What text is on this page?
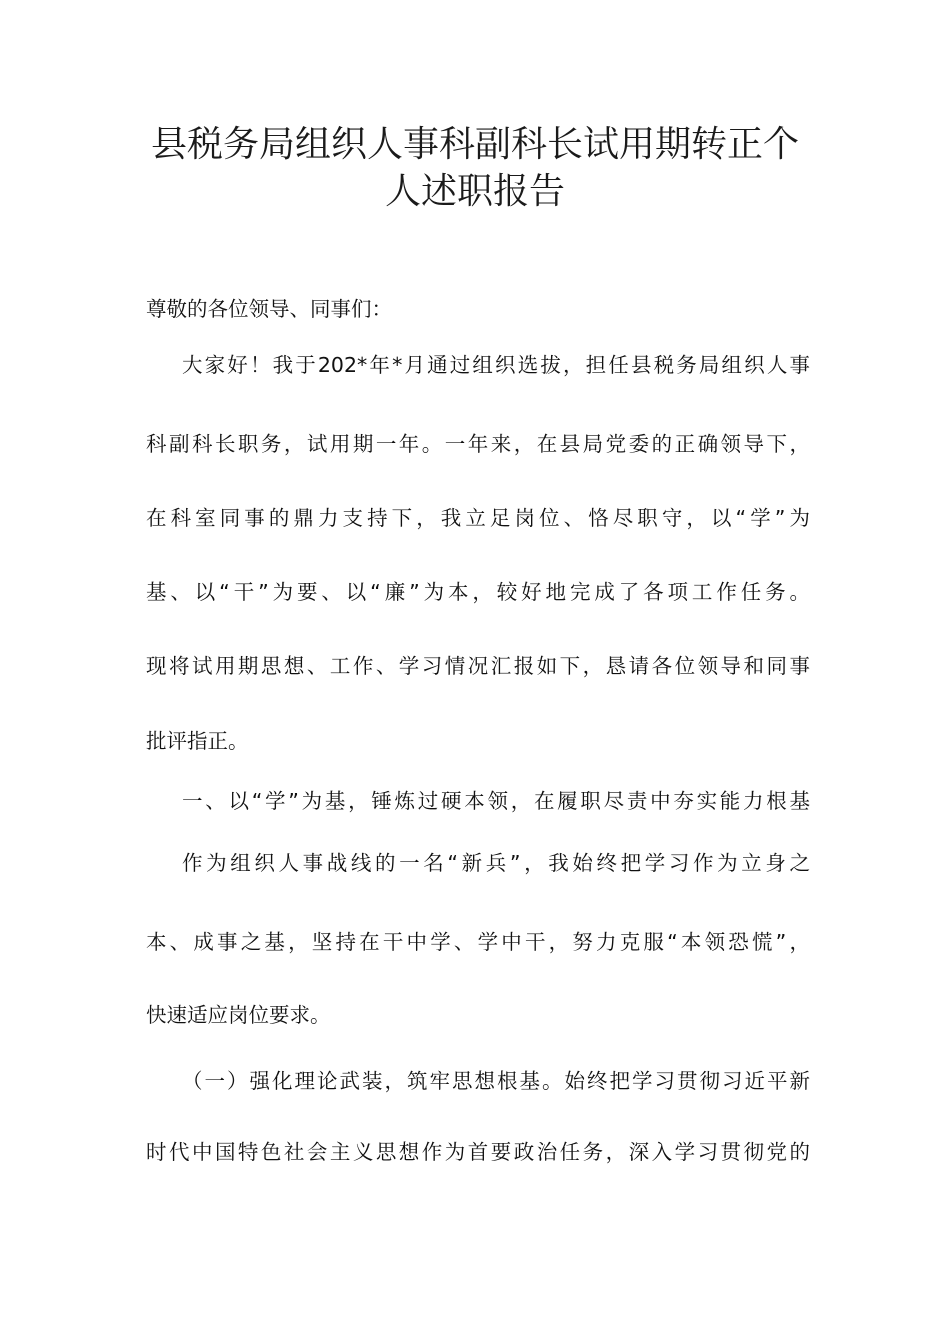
县税务局组织人事科副科长试用期转正个
人述职报告

尊敬的各位领导、同事们：

大家好！我于202*年*月通过组织选拔，担任县税务局组织人事

科副科长职务，试用期一年。一年来，在县局党委的正确领导下，

在科室同事的鼎力支持下，我立足岗位、恪尽职守，以“学”为

基、以“干”为要、以“廉”为本，较好地完成了各项工作任务。

现将试用期思想、工作、学习情况汇报如下，恳请各位领导和同事

批评指正。

一、以“学”为基，锤炼过硬本领，在履职尽责中夯实能力根基

作为组织人事战线的一名“新兵”，我始终把学习作为立身之

本、成事之基，坚持在干中学、学中干，努力克服“本领恐慌”，

快速适应岗位要求。

（一）强化理论武装，筑牢思想根基。始终把学习贯彻习近平新

时代中国特色社会主义思想作为首要政治任务，深入学习贯彻党的
